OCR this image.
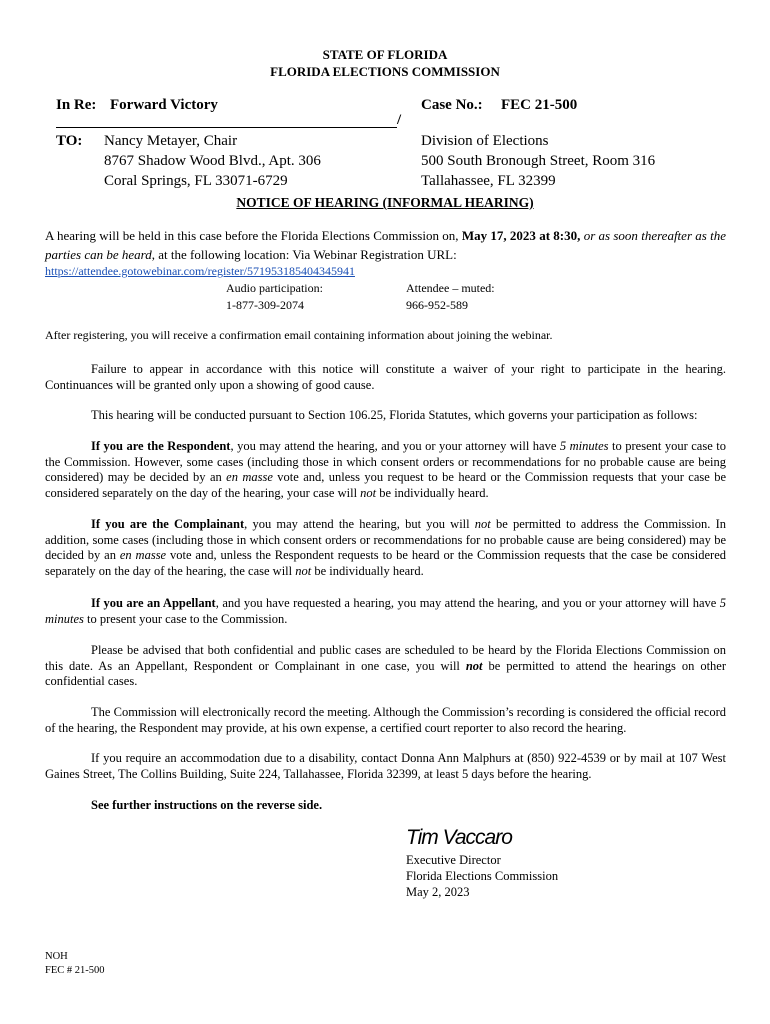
STATE OF FLORIDA
FLORIDA ELECTIONS COMMISSION
In Re: Forward Victory	Case No.: FEC 21-500
/
TO: Nancy Metayer, Chair
8767 Shadow Wood Blvd., Apt. 306
Coral Springs, FL 33071-6729
Division of Elections
500 South Bronough Street, Room 316
Tallahassee, FL 32399
NOTICE OF HEARING (INFORMAL HEARING)
A hearing will be held in this case before the Florida Elections Commission on, May 17, 2023 at 8:30, or as soon thereafter as the parties can be heard, at the following location: Via Webinar Registration URL:
https://attendee.gotowebinar.com/register/5719531854043459​41
Audio participation:
1-877-309-2074
Attendee – muted:
966-952-589
After registering, you will receive a confirmation email containing information about joining the webinar.
Failure to appear in accordance with this notice will constitute a waiver of your right to participate in the hearing. Continuances will be granted only upon a showing of good cause.
This hearing will be conducted pursuant to Section 106.25, Florida Statutes, which governs your participation as follows:
If you are the Respondent, you may attend the hearing, and you or your attorney will have 5 minutes to present your case to the Commission. However, some cases (including those in which consent orders or recommendations for no probable cause are being considered) may be decided by an en masse vote and, unless you request to be heard or the Commission requests that your case be considered separately on the day of the hearing, your case will not be individually heard.
If you are the Complainant, you may attend the hearing, but you will not be permitted to address the Commission. In addition, some cases (including those in which consent orders or recommendations for no probable cause are being considered) may be decided by an en masse vote and, unless the Respondent requests to be heard or the Commission requests that the case be considered separately on the day of the hearing, the case will not be individually heard.
If you are an Appellant, and you have requested a hearing, you may attend the hearing, and you or your attorney will have 5 minutes to present your case to the Commission.
Please be advised that both confidential and public cases are scheduled to be heard by the Florida Elections Commission on this date. As an Appellant, Respondent or Complainant in one case, you will not be permitted to attend the hearings on other confidential cases.
The Commission will electronically record the meeting. Although the Commission’s recording is considered the official record of the hearing, the Respondent may provide, at his own expense, a certified court reporter to also record the hearing.
If you require an accommodation due to a disability, contact Donna Ann Malphurs at (850) 922-4539 or by mail at 107 West Gaines Street, The Collins Building, Suite 224, Tallahassee, Florida 32399, at least 5 days before the hearing.
See further instructions on the reverse side.
Tim Vaccaro
Executive Director
Florida Elections Commission
May 2, 2023
NOH
FEC # 21-500
